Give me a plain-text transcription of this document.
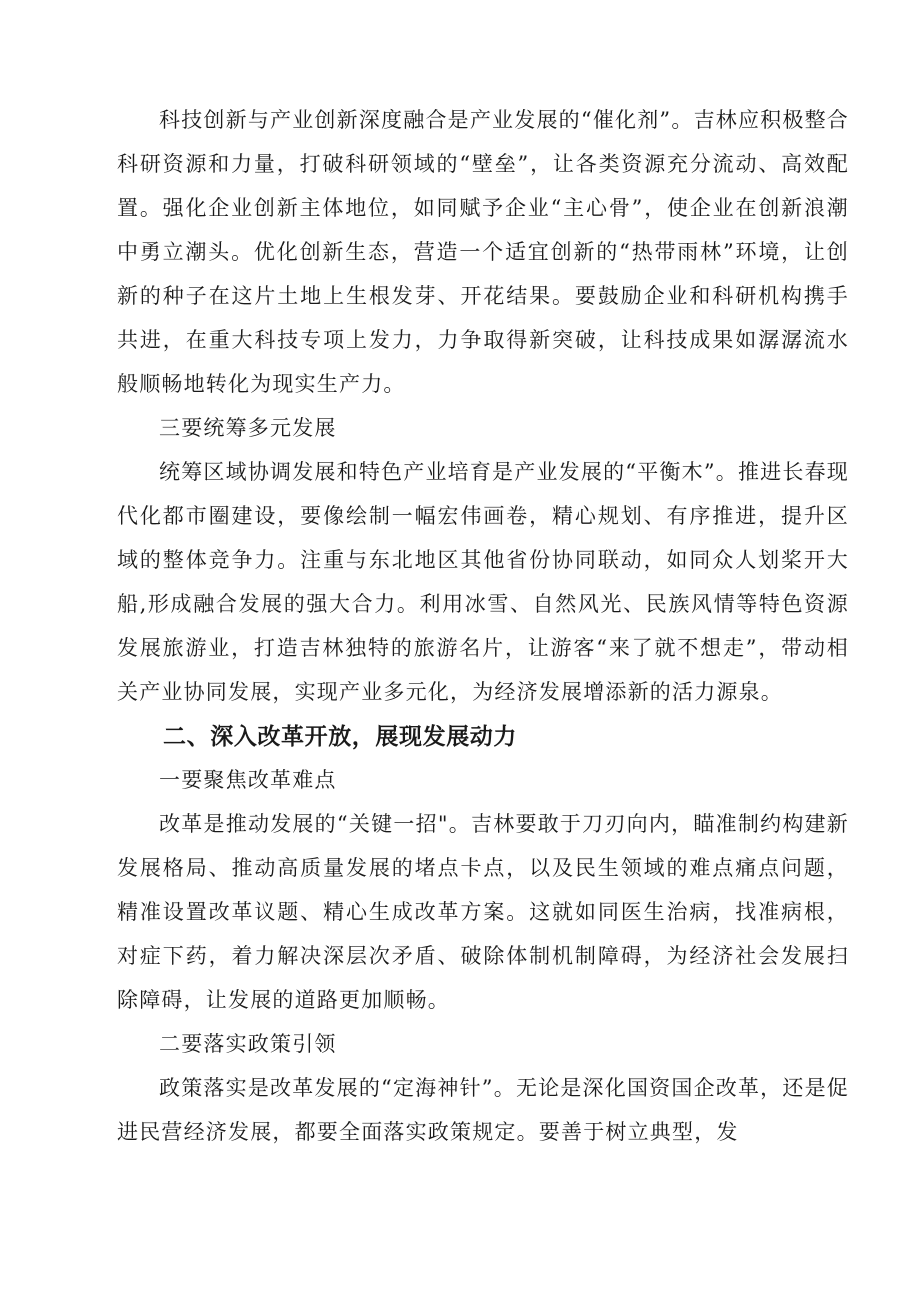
科技创新与产业创新深度融合是产业发展的“催化剂”。吉林应积极整合科研资源和力量，打破科研领域的“壁垒”，让各类资源充分流动、高效配置。强化企业创新主体地位，如同赋予企业“主心骨”，使企业在创新浪潮中勇立潮头。优化创新生态，营造一个适宜创新的“热带雨林”环境，让创新的种子在这片土地上生根发芽、开花结果。要鼓励企业和科研机构携手共进，在重大科技专项上发力，力争取得新突破，让科技成果如潺潺流水般顺畅地转化为现实生产力。

三要统筹多元发展

统筹区域协调发展和特色产业培育是产业发展的“平衡木”。推进长春现代化都市圈建设，要像绘制一幅宏伟画卷，精心规划、有序推进，提升区域的整体竞争力。注重与东北地区其他省份协同联动，如同众人划桨开大船,形成融合发展的强大合力。利用冰雪、自然风光、民族风情等特色资源发展旅游业，打造吉林独特的旅游名片，让游客“来了就不想走”，带动相关产业协同发展，实现产业多元化，为经济发展增添新的活力源泉。

二、深入改革开放，展现发展动力

一要聚焦改革难点

改革是推动发展的“关键一招"。吉林要敢于刀刃向内，瞄准制约构建新发展格局、推动高质量发展的堵点卡点，以及民生领域的难点痛点问题，精准设置改革议题、精心生成改革方案。这就如同医生治病，找准病根，对症下药，着力解决深层次矛盾、破除体制机制障碍，为经济社会发展扫除障碍，让发展的道路更加顺畅。

二要落实政策引领

政策落实是改革发展的“定海神针”。无论是深化国资国企改革，还是促进民营经济发展，都要全面落实政策规定。要善于树立典型，发
